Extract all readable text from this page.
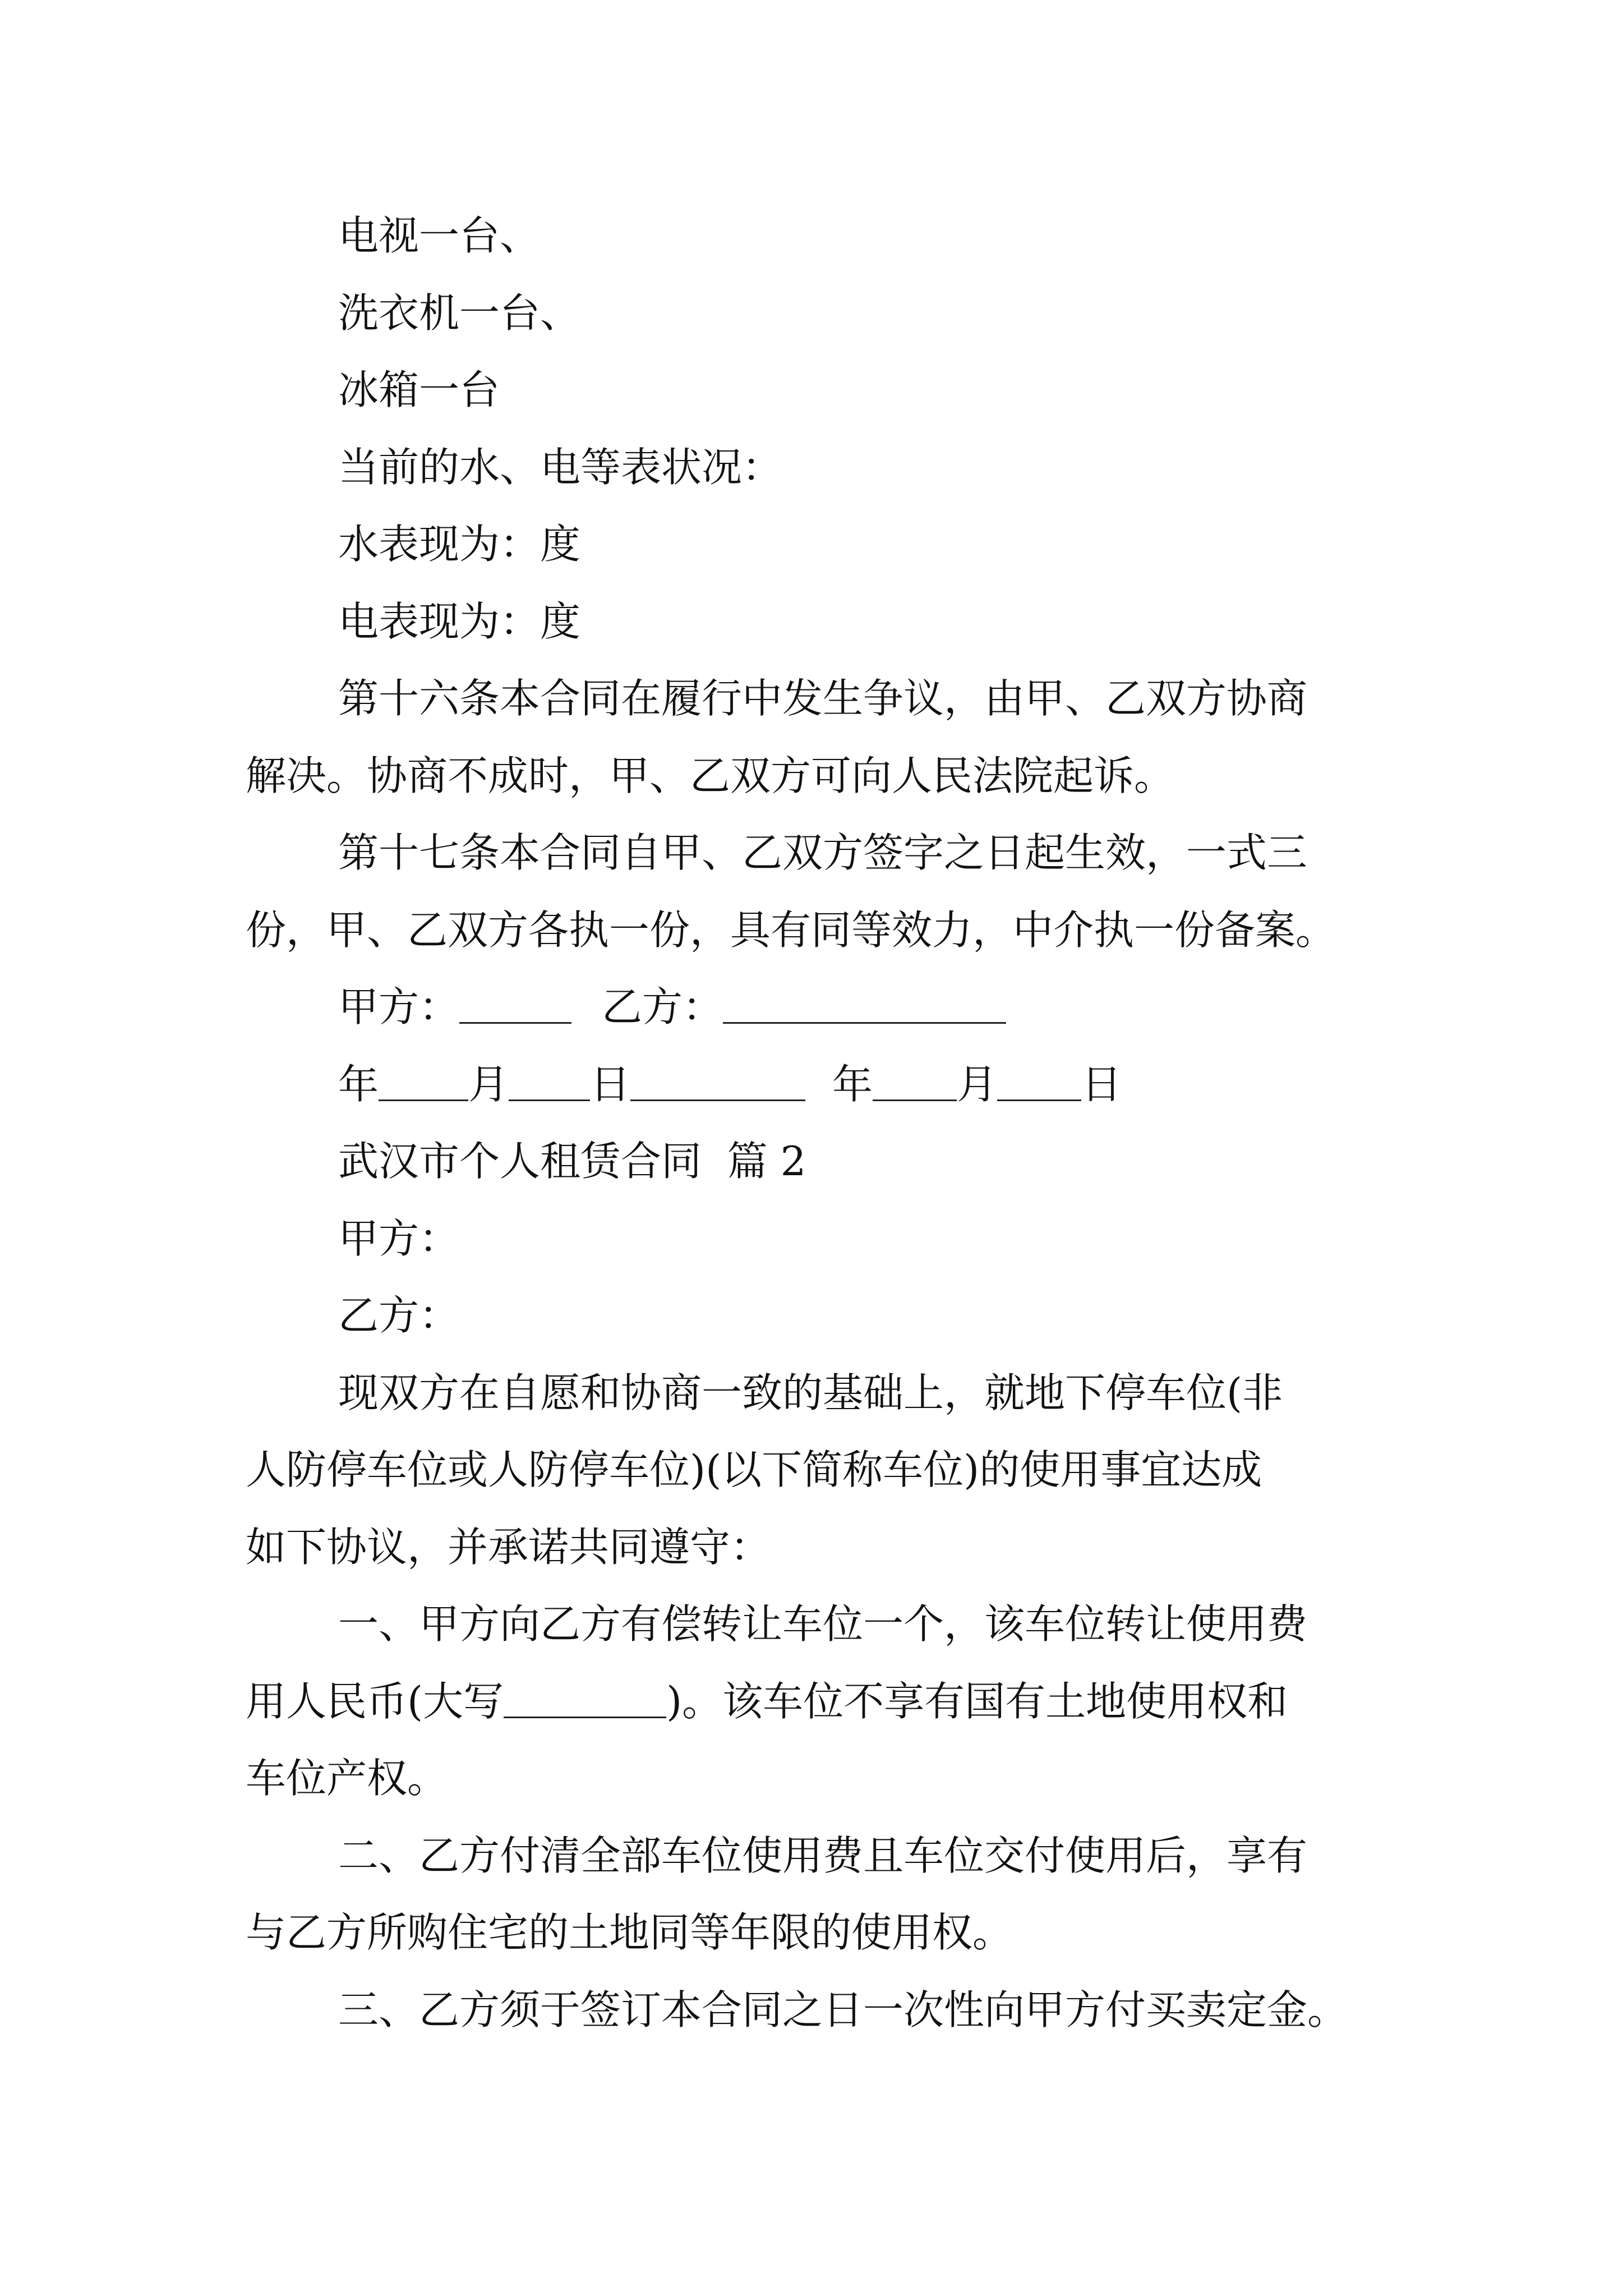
电视一台、
洗衣机一台、
冰箱一台
当前的水、电等表状况：
水表现为：度
电表现为：度
第十六条本合同在履行中发生争议，由甲、乙双方协商
解决。协商不成时，甲、乙双方可向人民法院起诉。
第十七条本合同自甲、乙双方签字之日起生效，一式三
份，甲、乙双方各执一份，具有同等效力，中介执一份备案。
甲方：	乙方：
年 月 日	年 月 日
武汉市个人租赁合同  篇 2
甲方：
乙方：
现双方在自愿和协商一致的基础上，就地下停车位(非
人防停车位或人防停车位)(以下简称车位)的使用事宜达成
如下协议，并承诺共同遵守：
一、甲方向乙方有偿转让车位一个，该车位转让使用费
用人民币(大写	)。该车位不享有国有土地使用权和
车位产权。
二、乙方付清全部车位使用费且车位交付使用后，享有
与乙方所购住宅的土地同等年限的使用权。
三、乙方须于签订本合同之日一次性向甲方付买卖定金。
